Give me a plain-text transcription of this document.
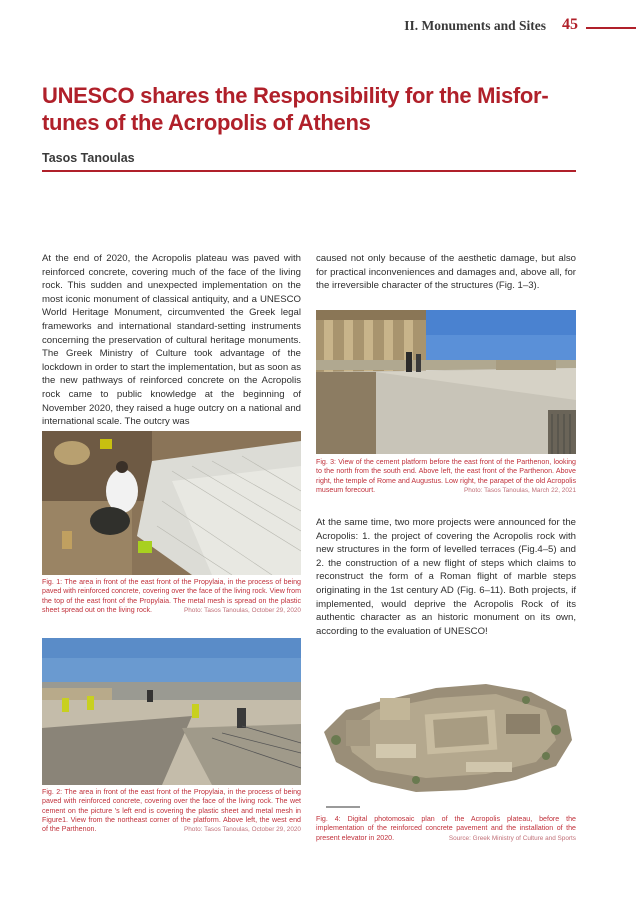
II. Monuments and Sites 45
UNESCO shares the Responsibility for the Misfor-tunes of the Acropolis of Athens
Tasos Tanoulas

At the end of 2020, the Acropolis plateau was paved with reinforced concrete, covering much of the face of the living rock. This sudden and unexpected implementation on the most iconic monument of classical antiquity, and a UNESCO World Heritage Monument, circumvented the Greek legal frameworks and international standard-setting instruments concerning the preservation of cultural heritage monuments. The Greek Ministry of Culture took advantage of the lockdown in order to start the implementation, but as soon as the new pathways of reinforced concrete on the Acropolis rock came to public knowledge at the beginning of November 2020, they raised a huge outcry on a national and international scale. The outcry was

caused not only because of the aesthetic damage, but also for practical inconveniences and damages and, above all, for the irreversible character of the structures (Fig. 1–3).

At the same time, two more projects were announced for the Acropolis: 1. the project of covering the Acropolis rock with new structures in the form of levelled terraces (Fig.4–5) and 2. the construction of a new flight of steps which claims to reconstruct the form of a Roman flight of marble steps originating in the 1st century AD (Fig. 6–11). Both projects, if implemented, would deprive the Acropolis Rock of its authentic character as an historic monument on its own, according to the evaluation of UNESCO!

Fig. 1: The area in front of the east front of the Propylaia, in the process of being paved with reinforced concrete, covering over the face of the living rock. View from the top of the east front of the Propylaia. The metal mesh is spread on the plastic sheet spread out on the living rock.	Photo: Tasos Tanoulas, October 29, 2020
Fig. 2: The area in front of the east front of the Propylaia, in the process of being paved with reinforced concrete, covering over the face of the living rock. The wet cement on the picture 's left end is covering the plastic sheet and metal mesh in Figure1. View from the northeast corner of the platform. Above left, the west end of the Parthenon.	Photo: Tasos Tanoulas, October 29, 2020
Fig. 3: View of the cement platform before the east front of the Parthenon, looking to the north from the south end. Above left, the east front of the Parthenon. Above right, the temple of Rome and Augustus. Low right, the parapet of the old Acropolis museum forecourt.	Photo: Tasos Tanoulas, March 22, 2021
Fig. 4: Digital photomosaic plan of the Acropolis plateau, before the implementation of the reinforced concrete pavement and the installation of the present elevator in 2020.	Source: Greek Ministry of Culture and Sports
